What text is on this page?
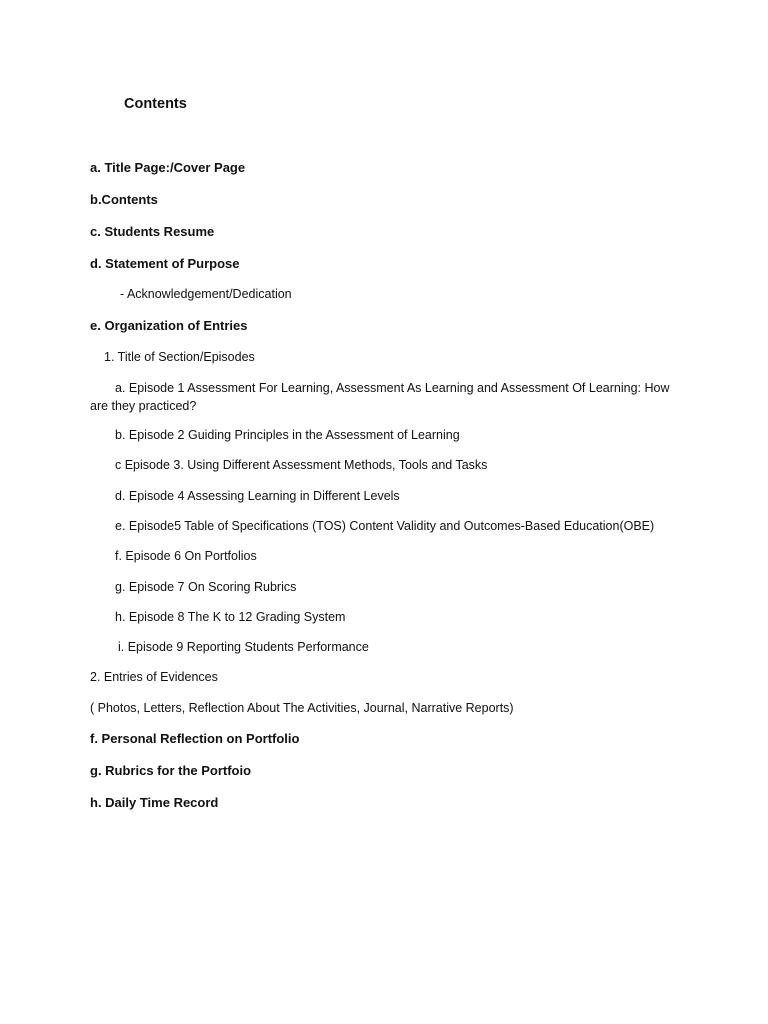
Contents
a. Title Page:/Cover Page
b.Contents
c. Students Resume
d. Statement of Purpose
- Acknowledgement/Dedication
e. Organization of Entries
1. Title of Section/Episodes
a. Episode 1 Assessment For Learning, Assessment As Learning and Assessment Of Learning: How are they practiced?
b. Episode 2 Guiding Principles in the Assessment of Learning
c Episode 3. Using Different Assessment Methods, Tools and Tasks
d. Episode 4 Assessing Learning in Different Levels
e. Episode5 Table of Specifications (TOS) Content Validity and Outcomes-Based Education(OBE)
f. Episode 6 On Portfolios
g. Episode 7 On Scoring Rubrics
h. Episode 8 The K to 12 Grading System
i. Episode 9 Reporting Students Performance
2. Entries of Evidences
( Photos, Letters, Reflection About The Activities, Journal, Narrative Reports)
f. Personal Reflection on Portfolio
g. Rubrics for the Portfoio
h. Daily Time Record
